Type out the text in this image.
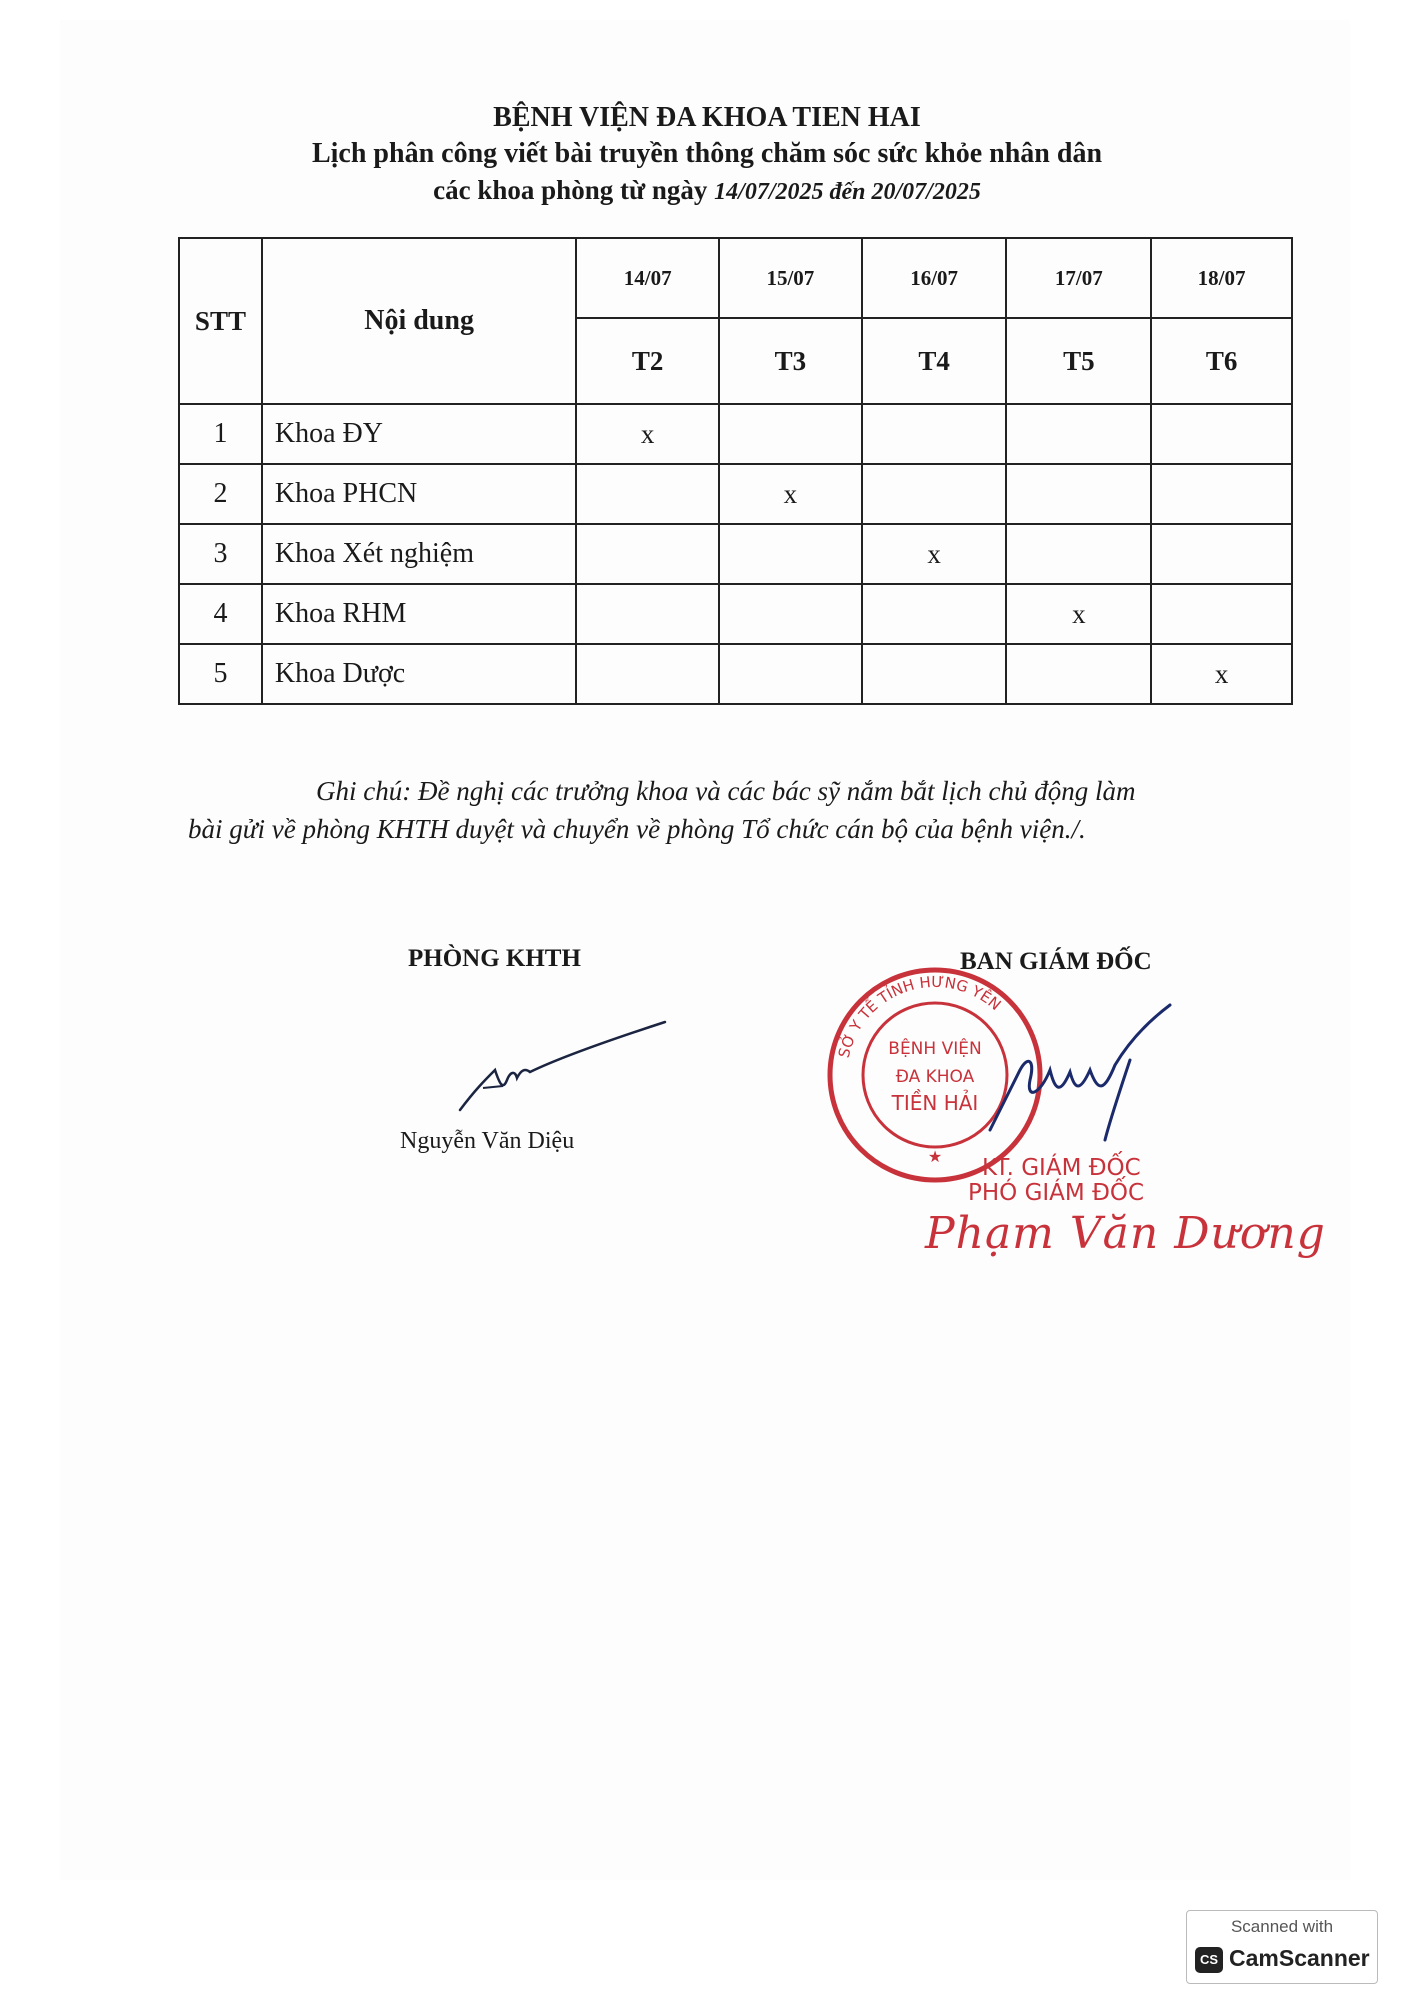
BỆNH VIỆN ĐA KHOA TIEN HAI
Lịch phân công viết bài truyền thông chăm sóc sức khỏe nhân dân
các khoa phòng từ ngày 14/07/2025 đến 20/07/2025
STT	Nội dung	14/07	15/07	16/07	17/07	18/07
		T2	T3	T4	T5	T6
1	Khoa ĐY	x				
2	Khoa PHCN		x			
3	Khoa Xét nghiệm			x		
4	Khoa RHM				x	
5	Khoa Dược					x
Ghi chú: Đề nghị các trưởng khoa và các bác sỹ nắm bắt lịch chủ động làm
bài gửi về phòng KHTH duyệt và chuyển về phòng Tổ chức cán bộ của bệnh viện./.
PHÒNG KHTH	BAN GIÁM ĐỐC
Nguyễn Văn Diệu
SỞ Y TẾ TỈNH HƯNG YÊN
BỆNH VIỆN
ĐA KHOA
TIỀN HẢI
★ KT. GIÁM ĐỐC
PHÓ GIÁM ĐỐC
Phạm Văn Dương
Scanned with
CS CamScanner
